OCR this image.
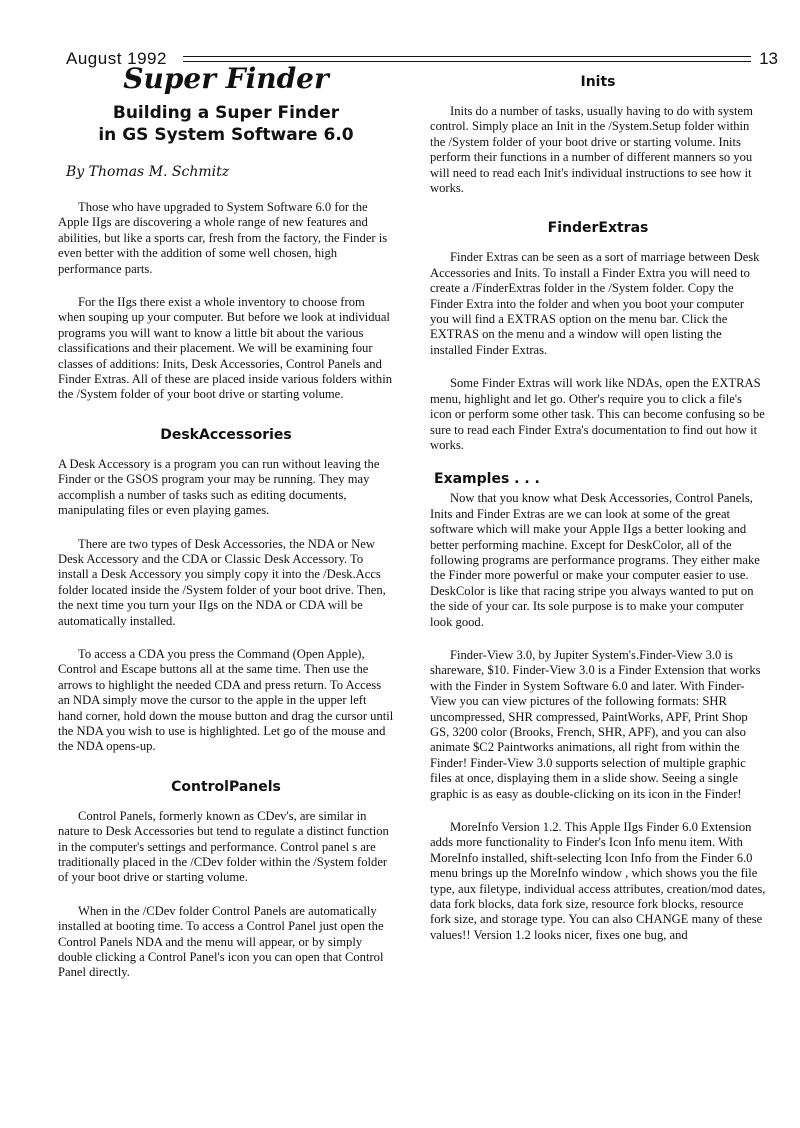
August 1992	13
Super Finder
Building a Super Finder
in GS System Software 6.0
By Thomas M. Schmitz

Those who have upgraded to System Software 6.0 for the Apple IIgs are discovering a whole range of new features and abilities, but like a sports car, fresh from the factory, the Finder is even better with the addition of some well chosen, high performance parts.

For the IIgs there exist a whole inventory to choose from when souping up your computer. But before we look at individual programs you will want to know a little bit about the various classifications and their placement. We will be examining four classes of additions: Inits, Desk Accessories, Control Panels and Finder Extras. All of these are placed inside various folders within the /System folder of your boot drive or starting volume.

DeskAccessories

A Desk Accessory is a program you can run without leaving the Finder or the GSOS program your may be running. They may accomplish a number of tasks such as editing documents, manipulating files or even playing games.

There are two types of Desk Accessories, the NDA or New Desk Accessory and the CDA or Classic Desk Accessory. To install a Desk Accessory you simply copy it into the /Desk.Accs folder located inside the /System folder of your boot drive. Then, the next time you turn your IIgs on the NDA or CDA will be automatically installed.

To access a CDA you press the Command (Open Apple), Control and Escape buttons all at the same time. Then use the arrows to highlight the needed CDA and press return. To Access an NDA simply move the cursor to the apple in the upper left hand corner, hold down the mouse button and drag the cursor until the NDA you wish to use is highlighted. Let go of the mouse and the NDA opens-up.

ControlPanels

Control Panels, formerly known as CDev's, are similar in nature to Desk Accessories but tend to regulate a distinct function in the computer's settings and performance. Control panel s are traditionally placed in the /CDev folder within the /System folder of your boot drive or starting volume.

When in the /CDev folder Control Panels are automatically installed at booting time. To access a Control Panel just open the Control Panels NDA and the menu will appear, or by simply double clicking a Control Panel's icon you can open that Control Panel directly.

Inits

Inits do a number of tasks, usually having to do with system control. Simply place an Init in the /System.Setup folder within the /System folder of your boot drive or starting volume. Inits perform their functions in a number of different manners so you will need to read each Init's individual instructions to see how it works.

FinderExtras

Finder Extras can be seen as a sort of marriage between Desk Accessories and Inits. To install a Finder Extra you will need to create a /FinderExtras folder in the /System folder. Copy the Finder Extra into the folder and when you boot your computer you will find a EXTRAS option on the menu bar. Click the EXTRAS on the menu and a window will open listing the installed Finder Extras.

Some Finder Extras will work like NDAs, open the EXTRAS menu, highlight and let go. Other's require you to click a file's icon or perform some other task. This can become confusing so be sure to read each Finder Extra's documentation to find out how it works.

Examples . . .

Now that you know what Desk Accessories, Control Panels, Inits and Finder Extras are we can look at some of the great software which will make your Apple IIgs a better looking and better performing machine. Except for DeskColor, all of the following programs are performance programs. They either make the Finder more powerful or make your computer easier to use. DeskColor is like that racing stripe you always wanted to put on the side of your car. Its sole purpose is to make your computer look good.

Finder-View 3.0, by Jupiter System's.Finder-View 3.0 is shareware, $10. Finder-View 3.0 is a Finder Extension that works with the Finder in System Software 6.0 and later. With Finder-View you can view pictures of the following formats: SHR uncompressed, SHR compressed, PaintWorks, APF, Print Shop GS, 3200 color (Brooks, French, SHR, APF), and you can also animate $C2 Paintworks animations, all right from within the Finder! Finder-View 3.0 supports selection of multiple graphic files at once, displaying them in a slide show. Seeing a single graphic is as easy as double-clicking on its icon in the Finder!

MoreInfo Version 1.2. This Apple IIgs Finder 6.0 Extension adds more functionality to Finder's Icon Info menu item. With MoreInfo installed, shift-selecting Icon Info from the Finder 6.0 menu brings up the MoreInfo window , which shows you the file type, aux filetype, individual access attributes, creation/mod dates, data fork blocks, data fork size, resource fork blocks, resource fork size, and storage type. You can also CHANGE many of these values!! Version 1.2 looks nicer, fixes one bug, and
